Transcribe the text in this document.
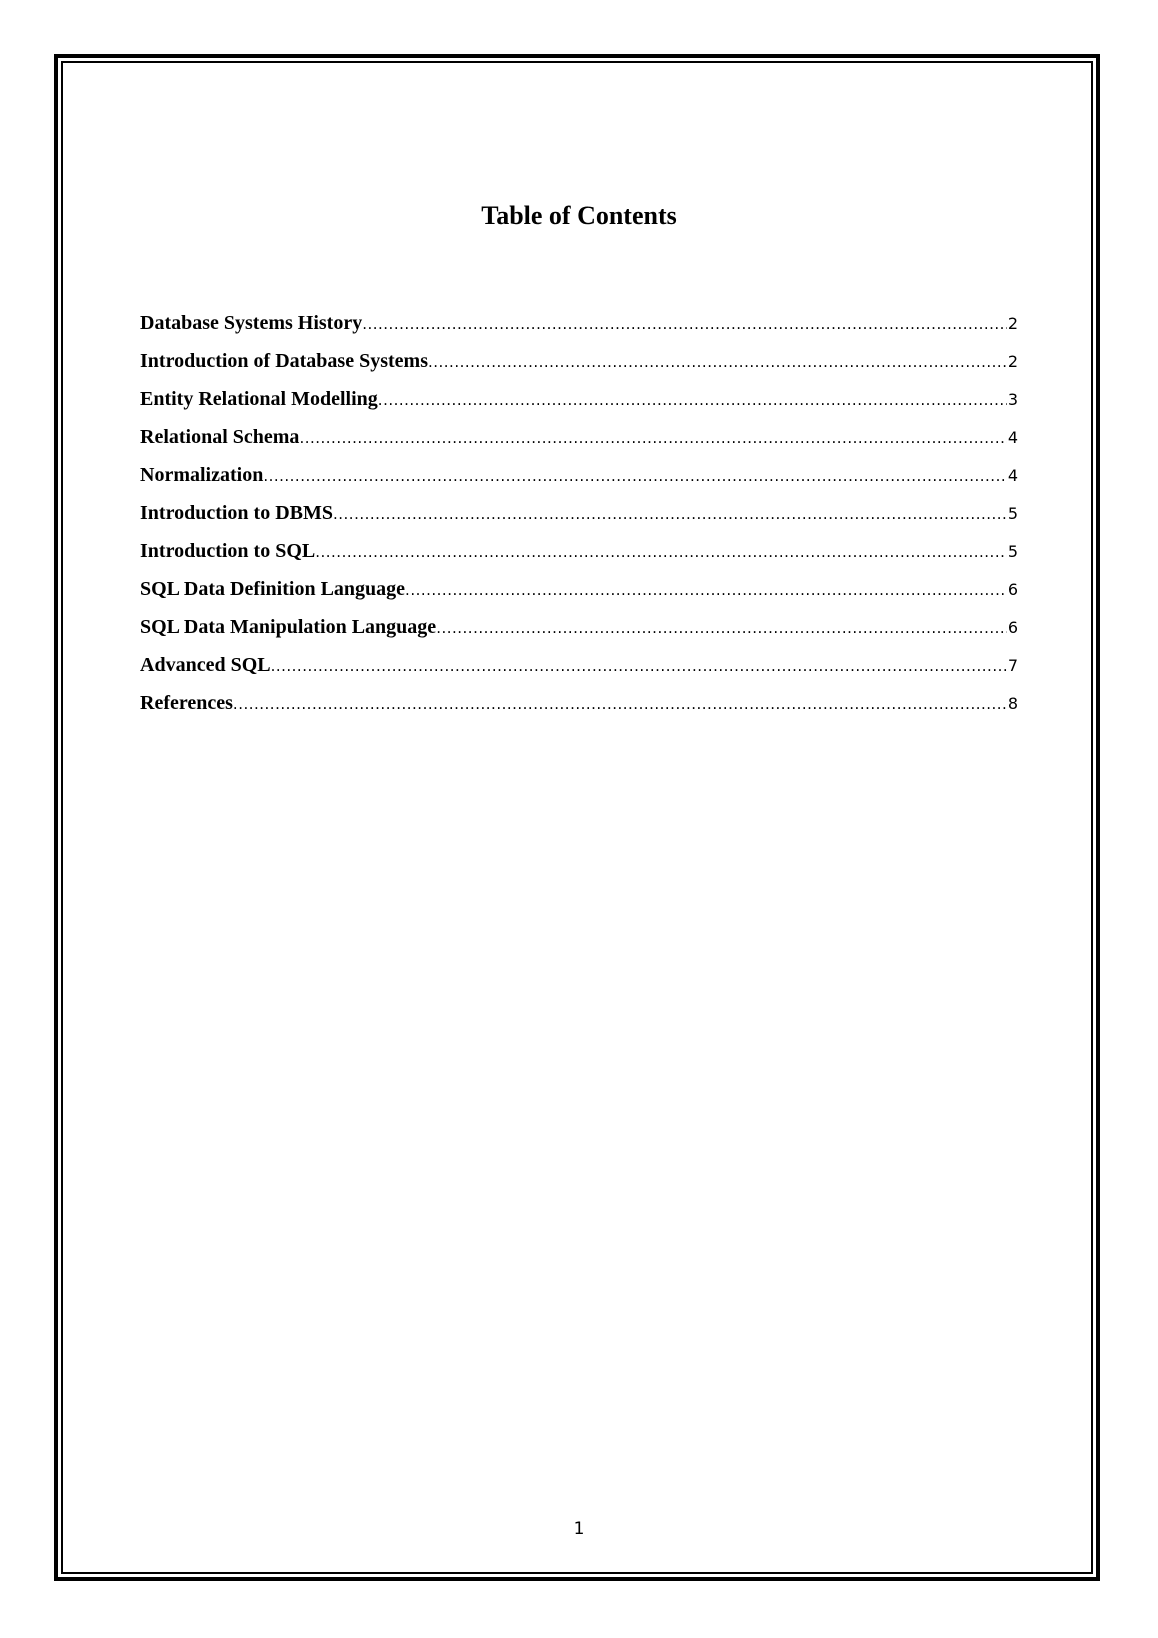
Table of Contents
Database Systems History .....	2
Introduction of Database Systems .....	2
Entity Relational Modelling .....	3
Relational Schema .....	4
Normalization .....	4
Introduction to DBMS .....	5
Introduction to SQL .....	5
SQL Data Definition Language .....	6
SQL Data Manipulation Language .....	6
Advanced SQL .....	7
References .....	8
1
